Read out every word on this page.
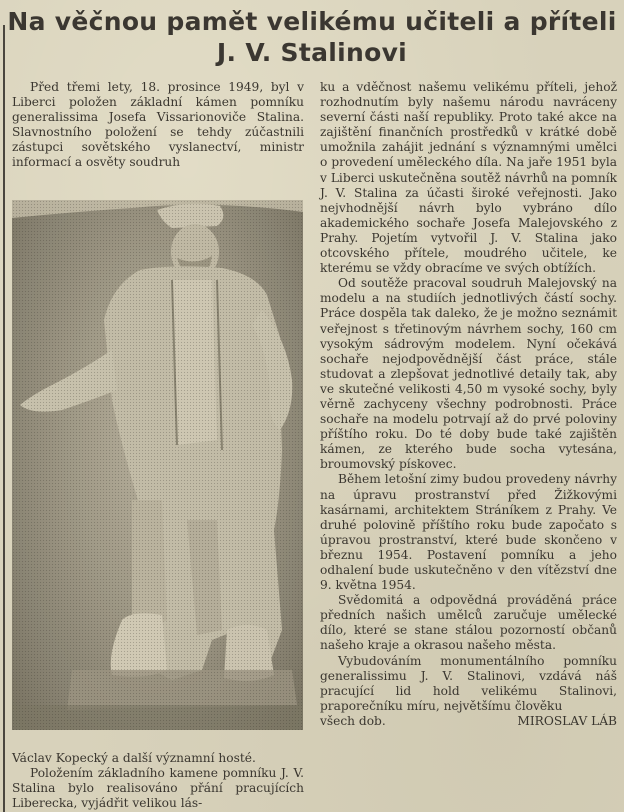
Na věčnou pamět velikému učiteli a příteli
J. V. Stalinovi

Před třemi lety, 18. prosince 1949, byl v Liberci položen základní kámen pomníku generalissima Josefa Vissarionoviče Stalina. Slavnostního položení se tehdy zúčastnili zástupci sovětského vyslanectví, ministr informací a osvěty soudruh

Václav Kopecký a další významní hosté.

Položením základního kamene pomníku J. V. Stalina bylo realisováno přání pracujících Liberecka, vyjádřit velikou lás-

ku a vděčnost našemu velikému příteli, jehož rozhodnutím byly našemu národu navráceny severní části naší republiky. Proto také akce na zajištění finančních prostředků v krátké době umožnila zahájit jednání s významnými umělci o provedení uměleckého díla. Na jaře 1951 byla v Liberci uskutečněna soutěž návrhů na pomník J. V. Stalina za účasti široké veřejnosti. Jako nejvhodnější návrh bylo vybráno dílo akademického sochaře Josefa Malejovského z Prahy. Pojetím vytvořil J. V. Stalina jako otcovského přítele, moudrého učitele, ke kterému se vždy obracíme ve svých obtížích.

Od soutěže pracoval soudruh Malejovský na modelu a na studiích jednotlivých částí sochy. Práce dospěla tak daleko, že je možno seznámit veřejnost s třetinovým návrhem sochy, 160 cm vysokým sádrovým modelem. Nyní očekává sochaře nejodpovědnější část práce, stále studovat a zlepšovat jednotlivé detaily tak, aby ve skutečné velikosti 4,50 m vysoké sochy, byly věrně zachyceny všechny podrobnosti. Práce sochaře na modelu potrvají až do prvé poloviny příštího roku. Do té doby bude také zajištěn kámen, ze kterého bude socha vytesána, broumovský pískovec.

Během letošní zimy budou provedeny návrhy na úpravu prostranství před Žižkovými kasárnami, architektem Stráníkem z Prahy. Ve druhé polovině příštího roku bude započato s úpravou prostranství, které bude skončeno v březnu 1954. Postavení pomníku a jeho odhalení bude uskutečněno v den vítězství dne 9. května 1954.

Svědomitá a odpovědná prováděná práce předních našich umělců zaručuje umělecké dílo, které se stane stálou pozorností občanů našeho kraje a okrasou našeho města.

Vybudováním monumentálního pomníku generalissimu J. V. Stalinovi, vzdává náš pracující lid hold velikému Stalinovi, praporečníku míru, největšímu člověku

všech dob.	MIROSLAV LÁB
